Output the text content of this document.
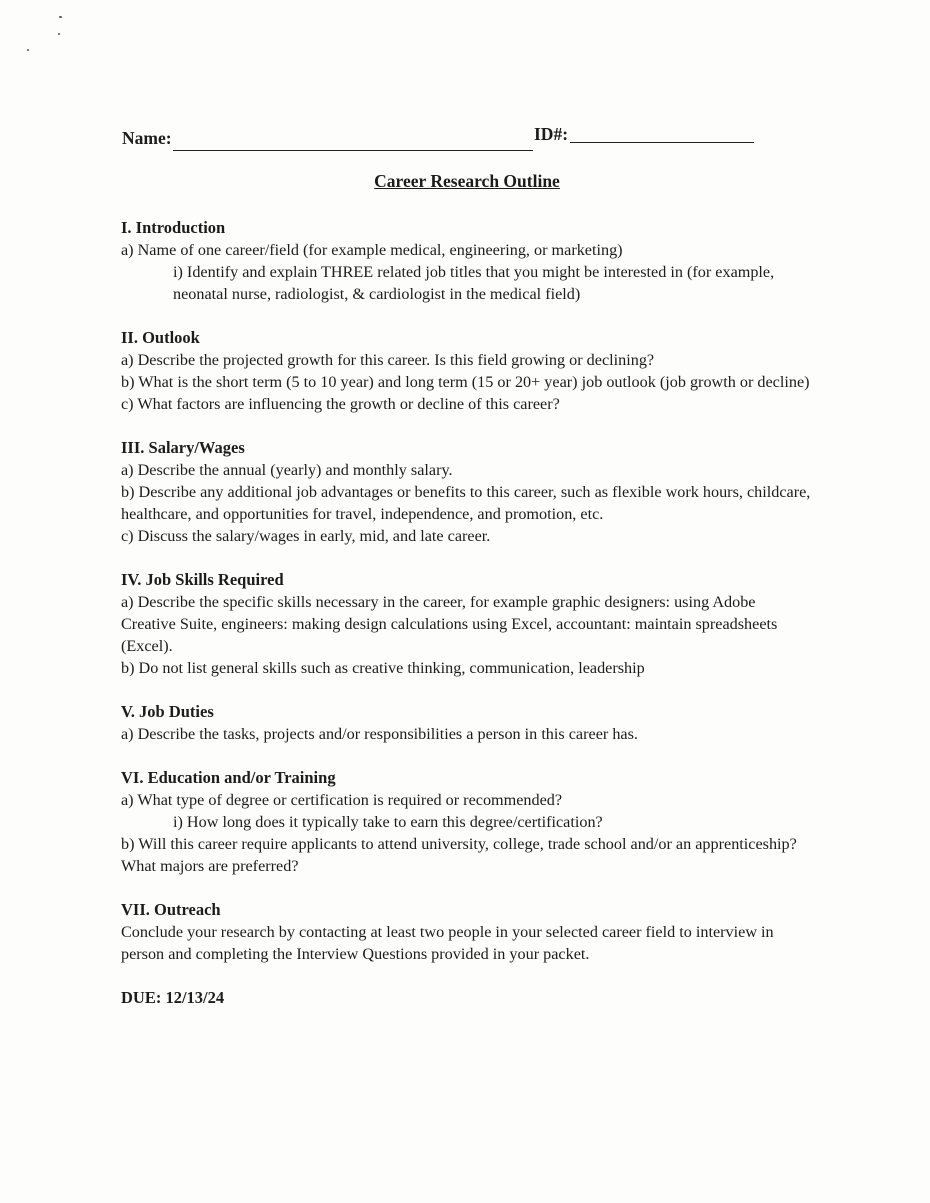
Name:	ID#:
Career Research Outline
I. Introduction

a) Name of one career/field (for example medical, engineering, or marketing)

i) Identify and explain THREE related job titles that you might be interested in (for example, neonatal nurse, radiologist, & cardiologist in the medical field)

II. Outlook

a) Describe the projected growth for this career. Is this field growing or declining?

b) What is the short term (5 to 10 year) and long term (15 or 20+ year) job outlook (job growth or decline)

c) What factors are influencing the growth or decline of this career?

III. Salary/Wages

a) Describe the annual (yearly) and monthly salary.

b) Describe any additional job advantages or benefits to this career, such as flexible work hours, childcare, healthcare, and opportunities for travel, independence, and promotion, etc.

c) Discuss the salary/wages in early, mid, and late career.

IV. Job Skills Required

a) Describe the specific skills necessary in the career, for example graphic designers: using Adobe Creative Suite, engineers: making design calculations using Excel, accountant: maintain spreadsheets (Excel).

b) Do not list general skills such as creative thinking, communication, leadership

V. Job Duties

a) Describe the tasks, projects and/or responsibilities a person in this career has.

VI. Education and/or Training

a) What type of degree or certification is required or recommended?

i) How long does it typically take to earn this degree/certification?

b) Will this career require applicants to attend university, college, trade school and/or an apprenticeship? What majors are preferred?

VII. Outreach

Conclude your research by contacting at least two people in your selected career field to interview in person and completing the Interview Questions provided in your packet.

DUE: 12/13/24
